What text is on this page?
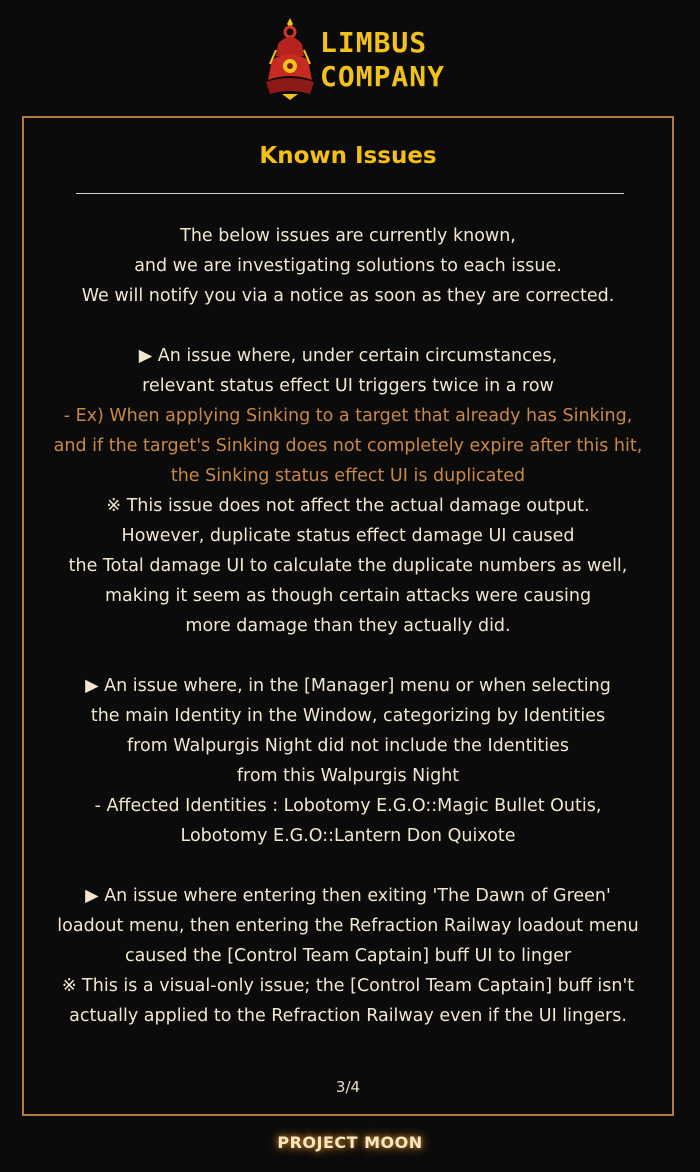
LIMBUS
COMPANY
Known Issues
The below issues are currently known,
and we are investigating solutions to each issue.
We will notify you via a notice as soon as they are corrected.
▶ An issue where, under certain circumstances,
relevant status effect UI triggers twice in a row
- Ex) When applying Sinking to a target that already has Sinking,
and if the target's Sinking does not completely expire after this hit,
the Sinking status effect UI is duplicated
※ This issue does not affect the actual damage output.
However, duplicate status effect damage UI caused
the Total damage UI to calculate the duplicate numbers as well,
making it seem as though certain attacks were causing
more damage than they actually did.
▶ An issue where, in the [Manager] menu or when selecting
the main Identity in the Window, categorizing by Identities
from Walpurgis Night did not include the Identities
from this Walpurgis Night
- Affected Identities : Lobotomy E.G.O::Magic Bullet Outis,
Lobotomy E.G.O::Lantern Don Quixote
▶ An issue where entering then exiting 'The Dawn of Green'
loadout menu, then entering the Refraction Railway loadout menu
caused the [Control Team Captain] buff UI to linger
※ This is a visual-only issue; the [Control Team Captain] buff isn't
actually applied to the Refraction Railway even if the UI lingers.
3/4
PROJECT MOON
